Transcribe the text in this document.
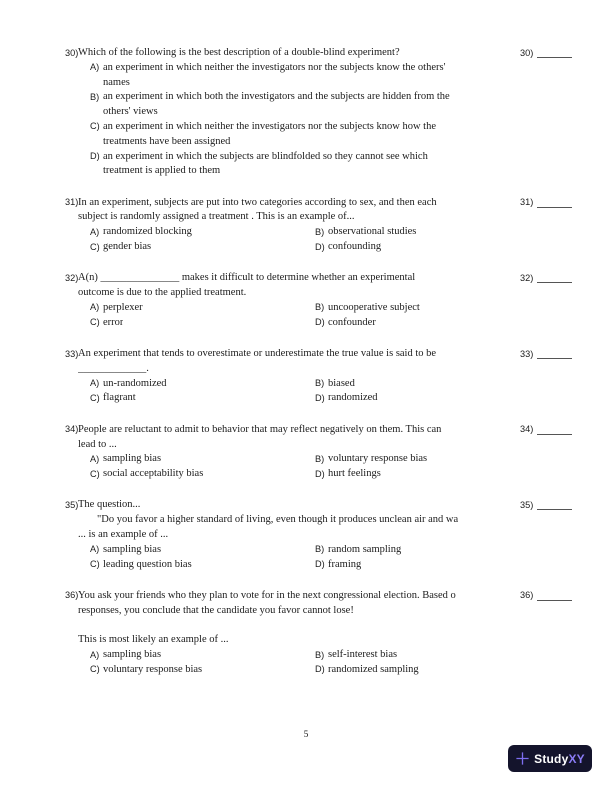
30) Which of the following is the best description of a double-blind experiment?
A) an experiment in which neither the investigators nor the subjects know the others'
names
B) an experiment in which both the investigators and the subjects are hidden from the
others' views
C) an experiment in which neither the investigators nor the subjects know how the
treatments have been assigned
D) an experiment in which the subjects are blindfolded so they cannot see which
treatment is applied to them
30)
31) In an experiment, subjects are put into two categories according to sex, and then each
subject is randomly assigned a treatment . This is an example of...
A) randomized blocking	B) observational studies
C) gender bias	D) confounding
31)
32) A(n) _______________ makes it difficult to determine whether an experimental
outcome is due to the applied treatment.
A) perplexer	B) uncooperative subject
C) error	D) confounder
32)
33) An experiment that tends to overestimate or underestimate the true value is said to be
_____________.
A) un-randomized	B) biased
C) flagrant	D) randomized
33)
34) People are reluctant to admit to behavior that may reflect negatively on them. This can
lead to ...
A) sampling bias	B) voluntary response bias
C) social acceptability bias	D) hurt feelings
34)
35) The question...
"Do you favor a higher standard of living, even though it produces unclean air and wa
... is an example of ...
A) sampling bias	B) random sampling
C) leading question bias	D) framing
35)
36) You ask your friends who they plan to vote for in the next congressional election. Based o
responses, you conclude that the candidate you favor cannot lose!
This is most likely an example of ...
A) sampling bias	B) self-interest bias
C) voluntary response bias	D) randomized sampling
36)
5
StudyXY
